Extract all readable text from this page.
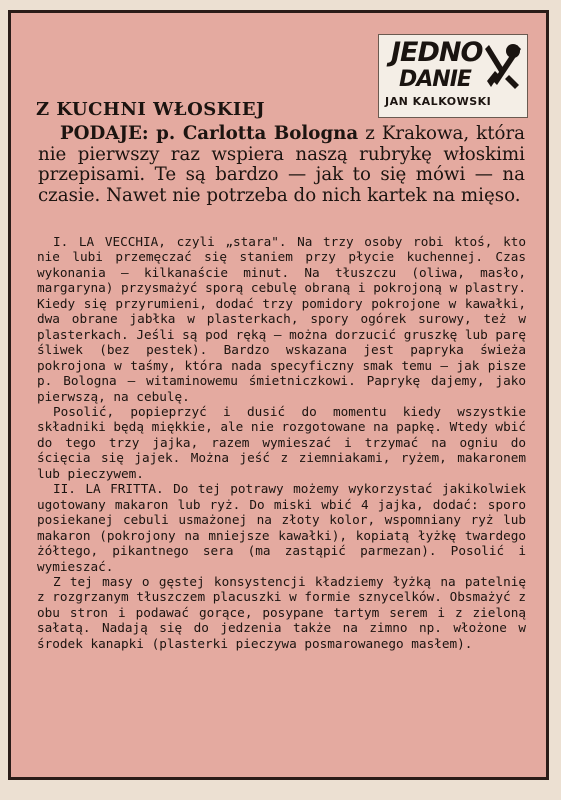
JEDNO
DANIE
JAN KALKOWSKI
Z KUCHNI WŁOSKIEJ

PODAJE: p. Carlotta Bologna z Krakowa, która nie pierwszy raz wspiera naszą rubrykę włoskimi przepisami. Te są bardzo — jak to się mówi — na czasie. Nawet nie potrzeba do nich kartek na mięso.

I. LA VECCHIA, czyli „stara". Na trzy osoby robi ktoś, kto nie lubi przemęczać się staniem przy płycie kuchennej. Czas wykonania — kilkanaście minut. Na tłuszczu (oliwa, masło, margaryna) przysmażyć sporą cebulę obraną i pokrojoną w plastry. Kiedy się przyrumieni, dodać trzy pomidory pokrojone w kawałki, dwa obrane jabłka w plasterkach, spory ogórek surowy, też w plasterkach. Jeśli są pod ręką — można dorzucić gruszkę lub parę śliwek (bez pestek). Bardzo wskazana jest papryka świeża pokrojona w taśmy, która nada specyficzny smak temu — jak pisze p. Bologna — witaminowemu śmietniczkowi. Paprykę dajemy, jako pierwszą, na cebulę.

Posolić, popieprzyć i dusić do momentu kiedy wszystkie składniki będą miękkie, ale nie rozgotowane na papkę. Wtedy wbić do tego trzy jajka, razem wymieszać i trzymać na ogniu do ścięcia się jajek. Można jeść z ziemniakami, ryżem, makaronem lub pieczywem.

II. LA FRITTA. Do tej potrawy możemy wykorzystać jakikolwiek ugotowany makaron lub ryż. Do miski wbić 4 jajka, dodać: sporo posiekanej cebuli usmażonej na złoty kolor, wspomniany ryż lub makaron (pokrojony na mniejsze kawałki), kopiatą łyżkę twardego żółtego, pikantnego sera (ma zastąpić parmezan). Posolić i wymieszać.

Z tej masy o gęstej konsystencji kładziemy łyżką na patelnię z rozgrzanym tłuszczem placuszki w formie sznycelków. Obsmażyć z obu stron i podawać gorące, posypane tartym serem i z zieloną sałatą. Nadają się do jedzenia także na zimno np. włożone w środek kanapki (plasterki pieczywa posmarowanego masłem).
